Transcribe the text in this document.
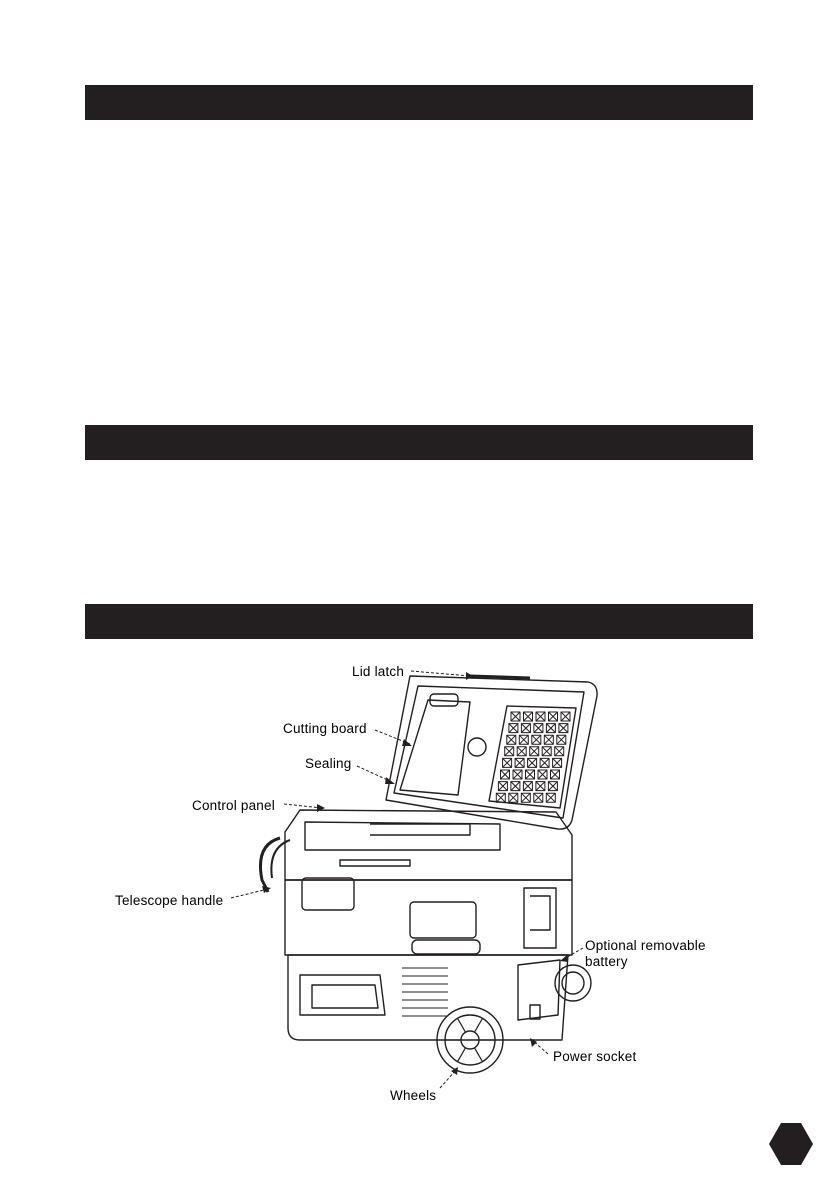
Lid latch
Cutting board
Sealing
Control panel
Telescope handle
Optional removable
battery
Power socket
Wheels
